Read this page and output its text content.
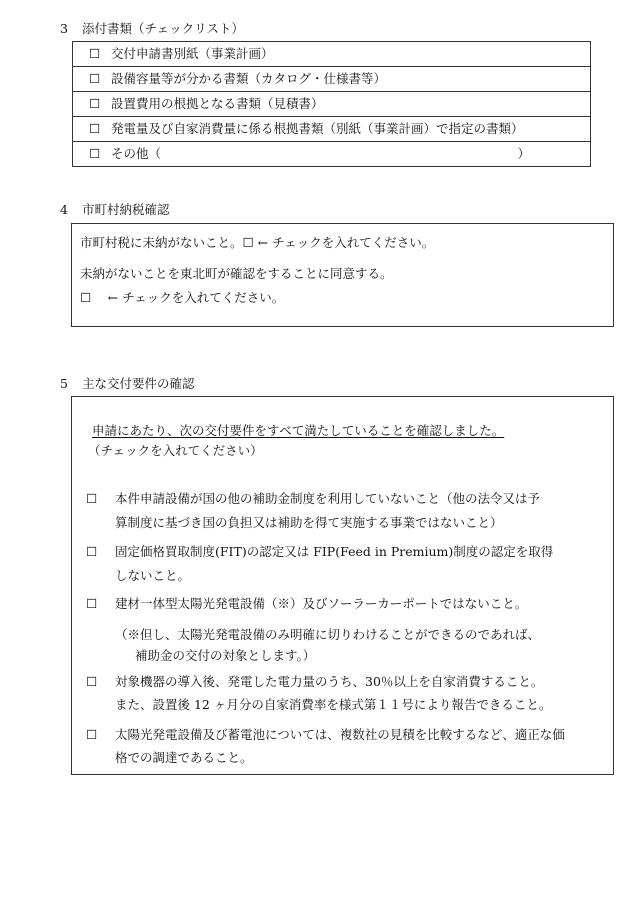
3 添付書類（チェックリスト）
☐ 交付申請書別紙（事業計画）
☐ 設備容量等が分かる書類（カタログ・仕様書等）
☐ 設置費用の根拠となる書類（見積書）
☐ 発電量及び自家消費量に係る根拠書類（別紙（事業計画）で指定の書類）
☐ その他（	）
4 市町村納税確認
市町村税に未納がないこと。☐ ← チェックを入れてください。
未納がないことを東北町が確認をすることに同意する。
☐　 ← チェックを入れてください。
5 主な交付要件の確認
申請にあたり、次の交付要件をすべて満たしていることを確認しました。
（チェックを入れてください）
☐ 本件申請設備が国の他の補助金制度を利用していないこと（他の法令又は予
算制度に基づき国の負担又は補助を得て実施する事業ではないこと）
☐ 固定価格買取制度(FIT)の認定又は FIP(Feed in Premium)制度の認定を取得
しないこと。
☐ 建材一体型太陽光発電設備（※）及びソーラーカーポートではないこと。
（※但し、太陽光発電設備のみ明確に切りわけることができるのであれば、
補助金の交付の対象とします。）
☐ 対象機器の導入後、発電した電力量のうち、30％以上を自家消費すること。
また、設置後 12 ヶ月分の自家消費率を様式第１１号により報告できること。
☐ 太陽光発電設備及び蓄電池については、複数社の見積を比較するなど、適正な価
格での調達であること。
